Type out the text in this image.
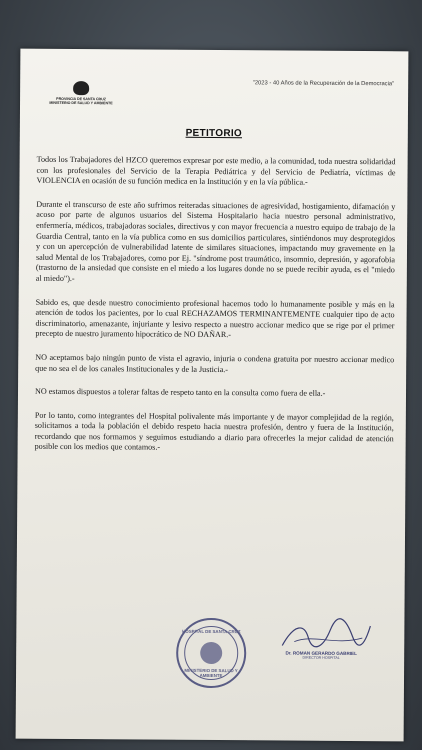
PROVINCIA DE SANTA CRUZ
MINISTERIO DE SALUD Y AMBIENTE
"2023 - 40 Años de la Recuperación de la Democracia"
PETITORIO

Todos los Trabajadores del HZCO queremos expresar por este medio, a la comunidad, toda nuestra solidaridad con los profesionales del Servicio de la Terapia Pediátrica y del Servicio de Pediatría, víctimas de VIOLENCIA en ocasión de su función medica en la Institución y en la vía pública.-

Durante el transcurso de este año sufrimos reiteradas situaciones de agresividad, hostigamiento, difamación y acoso por parte de algunos usuarios del Sistema Hospitalario hacia nuestro personal administrativo, enfermería, médicos, trabajadoras sociales, directivos y con mayor frecuencia a nuestro equipo de trabajo de la Guardia Central, tanto en la vía publica como en sus domicilios particulares, sintiéndonos muy desprotegidos y con un apercepción de vulnerabilidad latente de similares situaciones, impactando muy gravemente en la salud Mental de los Trabajadores, como por Ej. "síndrome post traumático, insomnio, depresión, y agorafobia (trastorno de la ansiedad que consiste en el miedo a los lugares donde no se puede recibir ayuda, es el "miedo al miedo").-

Sabido es, que desde nuestro conocimiento profesional hacemos todo lo humanamente posible y más en la atención de todos los pacientes, por lo cual RECHAZAMOS TERMINANTEMENTE cualquier tipo de acto discriminatorio, amenazante, injuriante y lesivo respecto a nuestro accionar medico que se rige por el primer precepto de nuestro juramento hipocrático de NO DAÑAR.-

NO aceptamos bajo ningún punto de vista el agravio, injuria o condena gratuita por nuestro accionar medico que no sea el de los canales Institucionales y de la Justicia.-

NO estamos dispuestos a tolerar faltas de respeto tanto en la consulta como fuera de ella.-

Por lo tanto, como integrantes del Hospital polivalente más importante y de mayor complejidad de la región, solicitamos a toda la población el debido respeto hacia nuestra profesión, dentro y fuera de la Institución, recordando que nos formamos y seguimos estudiando a diario para ofrecerles la mejor calidad de atención posible con los medios que contamos.-

HOSPITAL DE SANTA CRUZ
MINISTERIO DE SALUD Y AMBIENTE
Dr. ROMAN GERARDO GABRIEL
DIRECTOR HOSPITAL
